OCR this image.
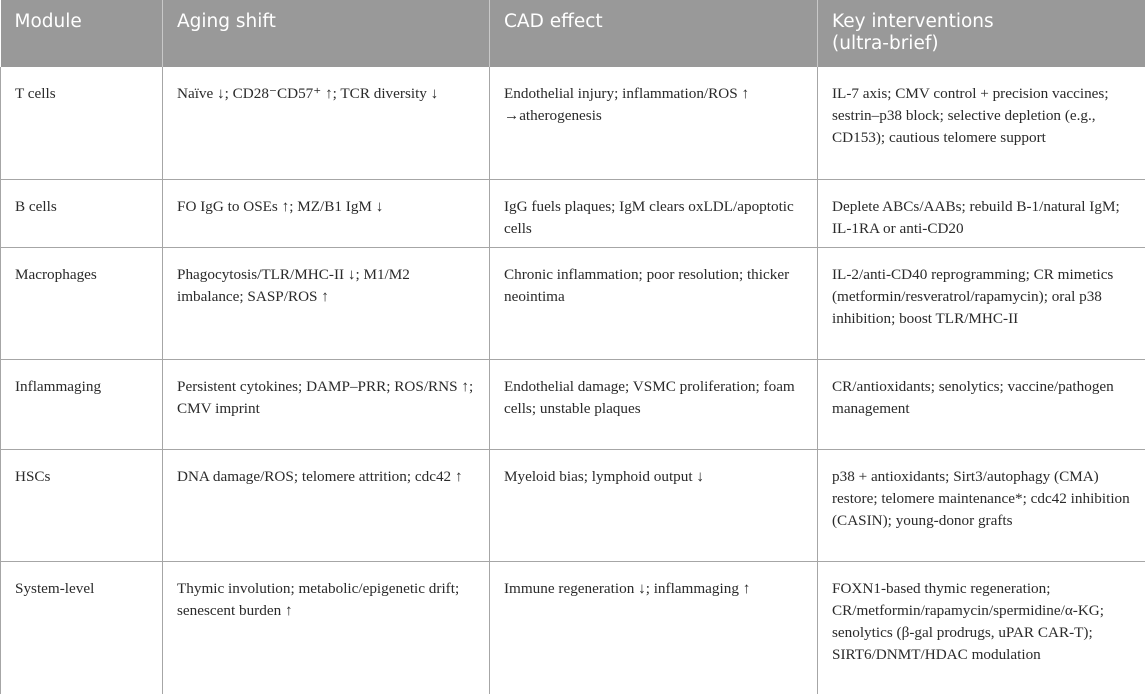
Module	Aging shift	CAD effect	Key interventions
(ultra-brief)
T cells	Naïve ↓; CD28⁻CD57⁺ ↑; TCR diversity ↓	Endothelial injury; inflammation/ROS ↑ →atherogenesis	IL-7 axis; CMV control + precision vaccines; sestrin–p38 block; selective depletion (e.g., CD153); cautious telomere support
B cells	FO IgG to OSEs ↑; MZ/B1 IgM ↓	IgG fuels plaques; IgM clears oxLDL/apoptotic cells	Deplete ABCs/AABs; rebuild B-1/natural IgM; IL-1RA or anti-CD20
Macrophages	Phagocytosis/TLR/MHC-II ↓; M1/M2 imbalance; SASP/ROS ↑	Chronic inflammation; poor resolution; thicker neointima	IL-2/anti-CD40 reprogramming; CR mimetics (metformin/resveratrol/rapamycin); oral p38 inhibition; boost TLR/MHC-II
Inflammaging	Persistent cytokines; DAMP–PRR; ROS/RNS ↑; CMV imprint	Endothelial damage; VSMC proliferation; foam cells; unstable plaques	CR/antioxidants; senolytics; vaccine/pathogen management
HSCs	DNA damage/ROS; telomere attrition; cdc42 ↑	Myeloid bias; lymphoid output ↓	p38 + antioxidants; Sirt3/autophagy (CMA) restore; telomere maintenance*; cdc42 inhibition (CASIN); young-donor grafts
System-level	Thymic involution; metabolic/epigenetic drift; senescent burden ↑	Immune regeneration ↓; inflammaging ↑	FOXN1-based thymic regeneration; CR/metformin/rapamycin/spermidine/α-KG; senolytics (β-gal prodrugs, uPAR CAR-T); SIRT6/DNMT/HDAC modulation
